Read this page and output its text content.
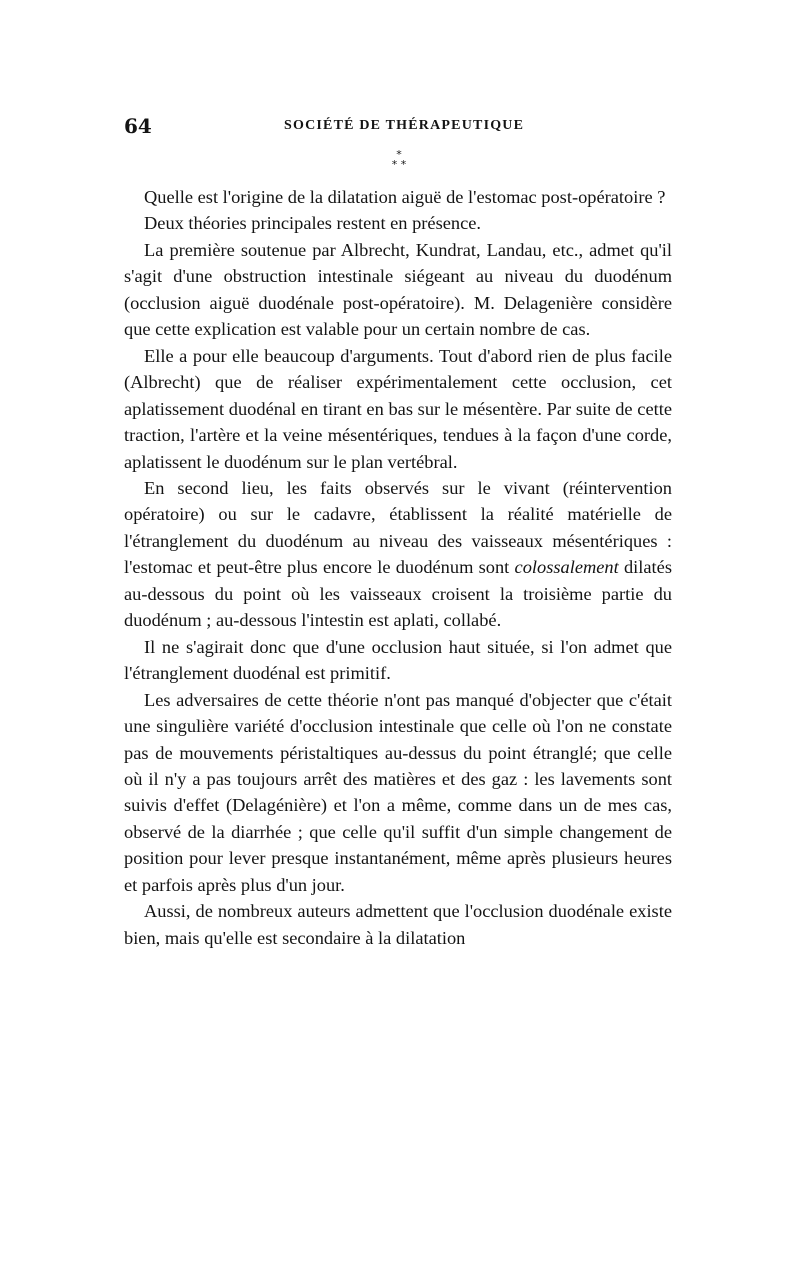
64	SOCIÉTÉ DE THÉRAPEUTIQUE
*
* *

Quelle est l'origine de la dilatation aiguë de l'estomac post-opératoire ?

Deux théories principales restent en présence.

La première soutenue par Albrecht, Kundrat, Landau, etc., admet qu'il s'agit d'une obstruction intestinale siégeant au niveau du duodénum (occlusion aiguë duodénale post-opératoire). M. Delagenière considère que cette explication est valable pour un certain nombre de cas.

Elle a pour elle beaucoup d'arguments. Tout d'abord rien de plus facile (Albrecht) que de réaliser expérimentalement cette occlusion, cet aplatissement duodénal en tirant en bas sur le mésentère. Par suite de cette traction, l'artère et la veine mésentériques, tendues à la façon d'une corde, aplatissent le duodénum sur le plan vertébral.

En second lieu, les faits observés sur le vivant (réintervention opératoire) ou sur le cadavre, établissent la réalité matérielle de l'étranglement du duodénum au niveau des vaisseaux mésentériques : l'estomac et peut-être plus encore le duodénum sont colossalement dilatés au-dessous du point où les vaisseaux croisent la troisième partie du duodénum ; au-dessous l'intestin est aplati, collabé.

Il ne s'agirait donc que d'une occlusion haut située, si l'on admet que l'étranglement duodénal est primitif.

Les adversaires de cette théorie n'ont pas manqué d'objecter que c'était une singulière variété d'occlusion intestinale que celle où l'on ne constate pas de mouvements péristaltiques au-dessus du point étranglé; que celle où il n'y a pas toujours arrêt des matières et des gaz : les lavements sont suivis d'effet (Delagénière) et l'on a même, comme dans un de mes cas, observé de la diarrhée ; que celle qu'il suffit d'un simple changement de position pour lever presque instantanément, même après plusieurs heures et parfois après plus d'un jour.

Aussi, de nombreux auteurs admettent que l'occlusion duodénale existe bien, mais qu'elle est secondaire à la dilatation
